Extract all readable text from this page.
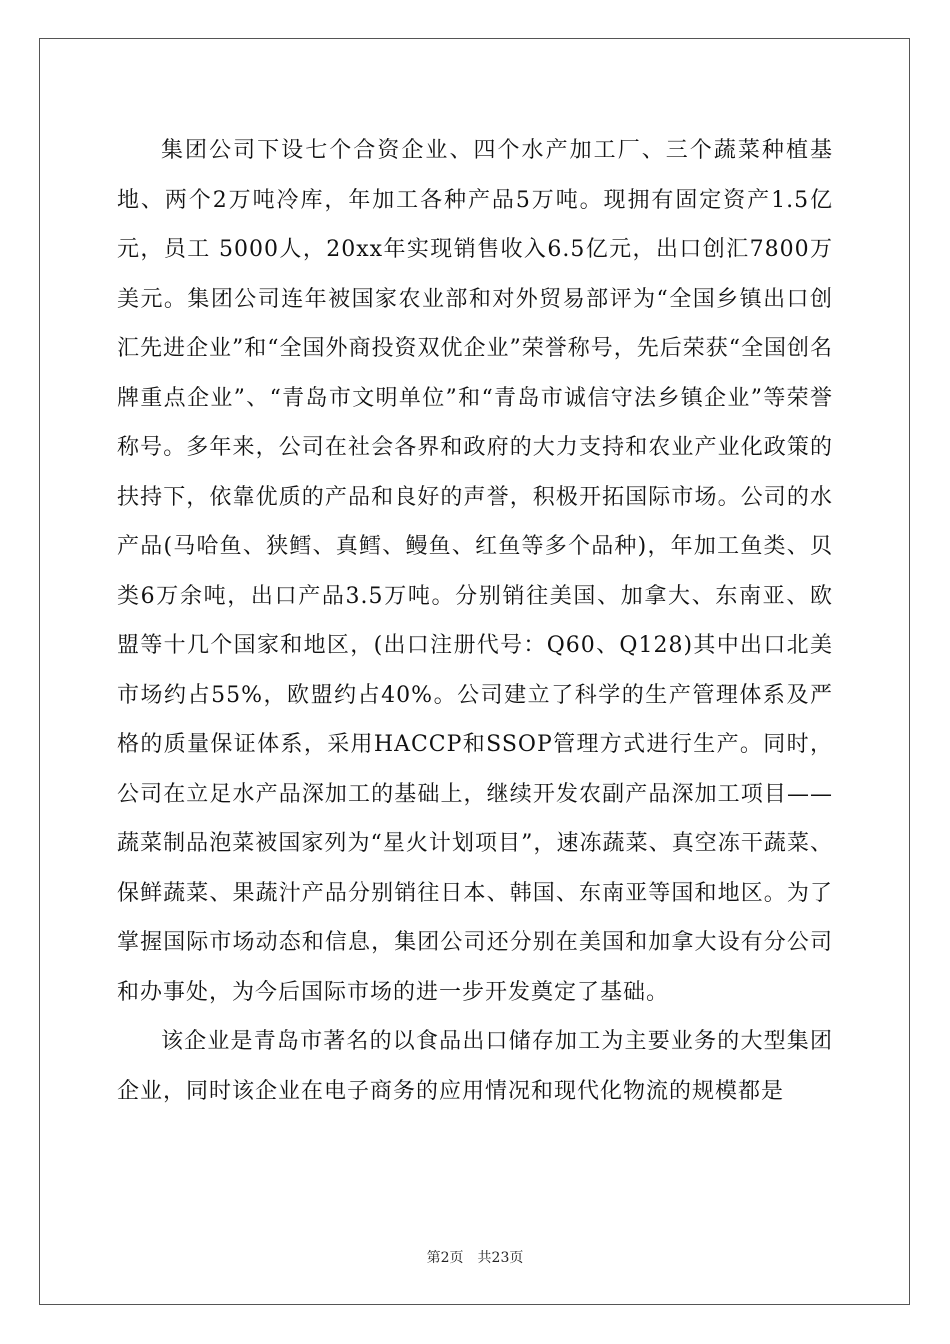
集团公司下设七个合资企业、四个水产加工厂、三个蔬菜种植基地、两个2万吨冷库，年加工各种产品5万吨。现拥有固定资产1.5亿元，员工 5000人，20xx年实现销售收入6.5亿元，出口创汇7800万美元。集团公司连年被国家农业部和对外贸易部评为“全国乡镇出口创汇先进企业”和“全国外商投资双优企业”荣誉称号，先后荣获“全国创名牌重点企业”、“青岛市文明单位”和“青岛市诚信守法乡镇企业”等荣誉称号。多年来，公司在社会各界和政府的大力支持和农业产业化政策的扶持下，依靠优质的产品和良好的声誉，积极开拓国际市场。公司的水产品(马哈鱼、狭鳕、真鳕、鳗鱼、红鱼等多个品种)，年加工鱼类、贝类6万余吨，出口产品3.5万吨。分别销往美国、加拿大、东南亚、欧盟等十几个国家和地区，(出口注册代号：Q60、Q128)其中出口北美市场约占55%，欧盟约占40%。公司建立了科学的生产管理体系及严格的质量保证体系，采用HACCP和SSOP管理方式进行生产。同时，公司在立足水产品深加工的基础上，继续开发农副产品深加工项目——蔬菜制品泡菜被国家列为“星火计划项目”，速冻蔬菜、真空冻干蔬菜、保鲜蔬菜、果蔬汁产品分别销往日本、韩国、东南亚等国和地区。为了掌握国际市场动态和信息，集团公司还分别在美国和加拿大设有分公司和办事处，为今后国际市场的进一步开发奠定了基础。

该企业是青岛市著名的以食品出口储存加工为主要业务的大型集团企业，同时该企业在电子商务的应用情况和现代化物流的规模都是

第2页 共23页
